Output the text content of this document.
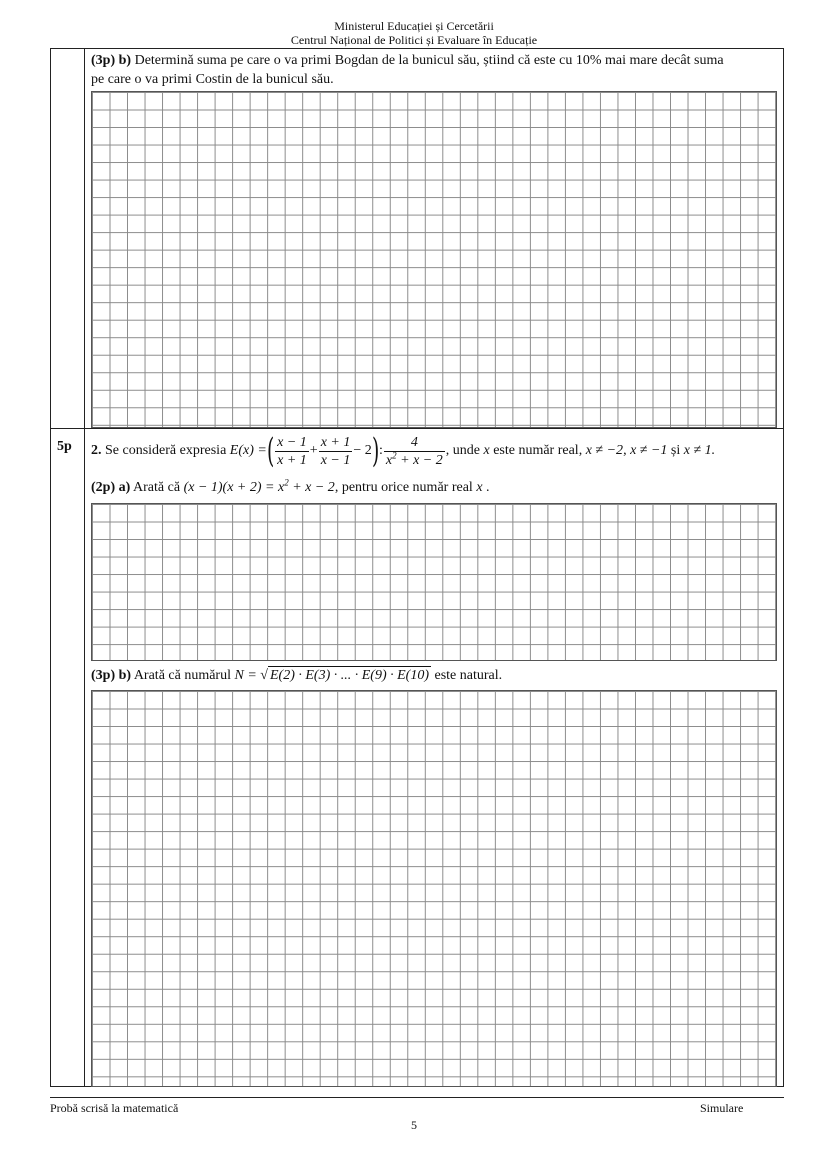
Ministerul Educației și Cercetării
Centrul Național de Politici și Evaluare în Educație
(3p) b) Determină suma pe care o va primi Bogdan de la bunicul său, știind că este cu 10% mai mare decât suma
pe care o va primi Costin de la bunicul său.
5p 2.
Se consideră expresia
E(x) = ( $\frac{x - 1}{x + 1} + \frac{x + 1}{x - 1} - 2$ ) : $\frac{4}{x^2 + x - 2}$ , unde
x
este număr real,
x ≠ −2 , x ≠ −1
și
x ≠ 1.
(2p) a) Arată că $(x - 1)(x + 2) = x^2 + x - 2$, pentru orice număr real x .
(3p) b) Arată că numărul N = √ E(2) · E(3) · ... · E(9) · E(10) este natural.
Probă scrisă la matematică	Simulare
5
